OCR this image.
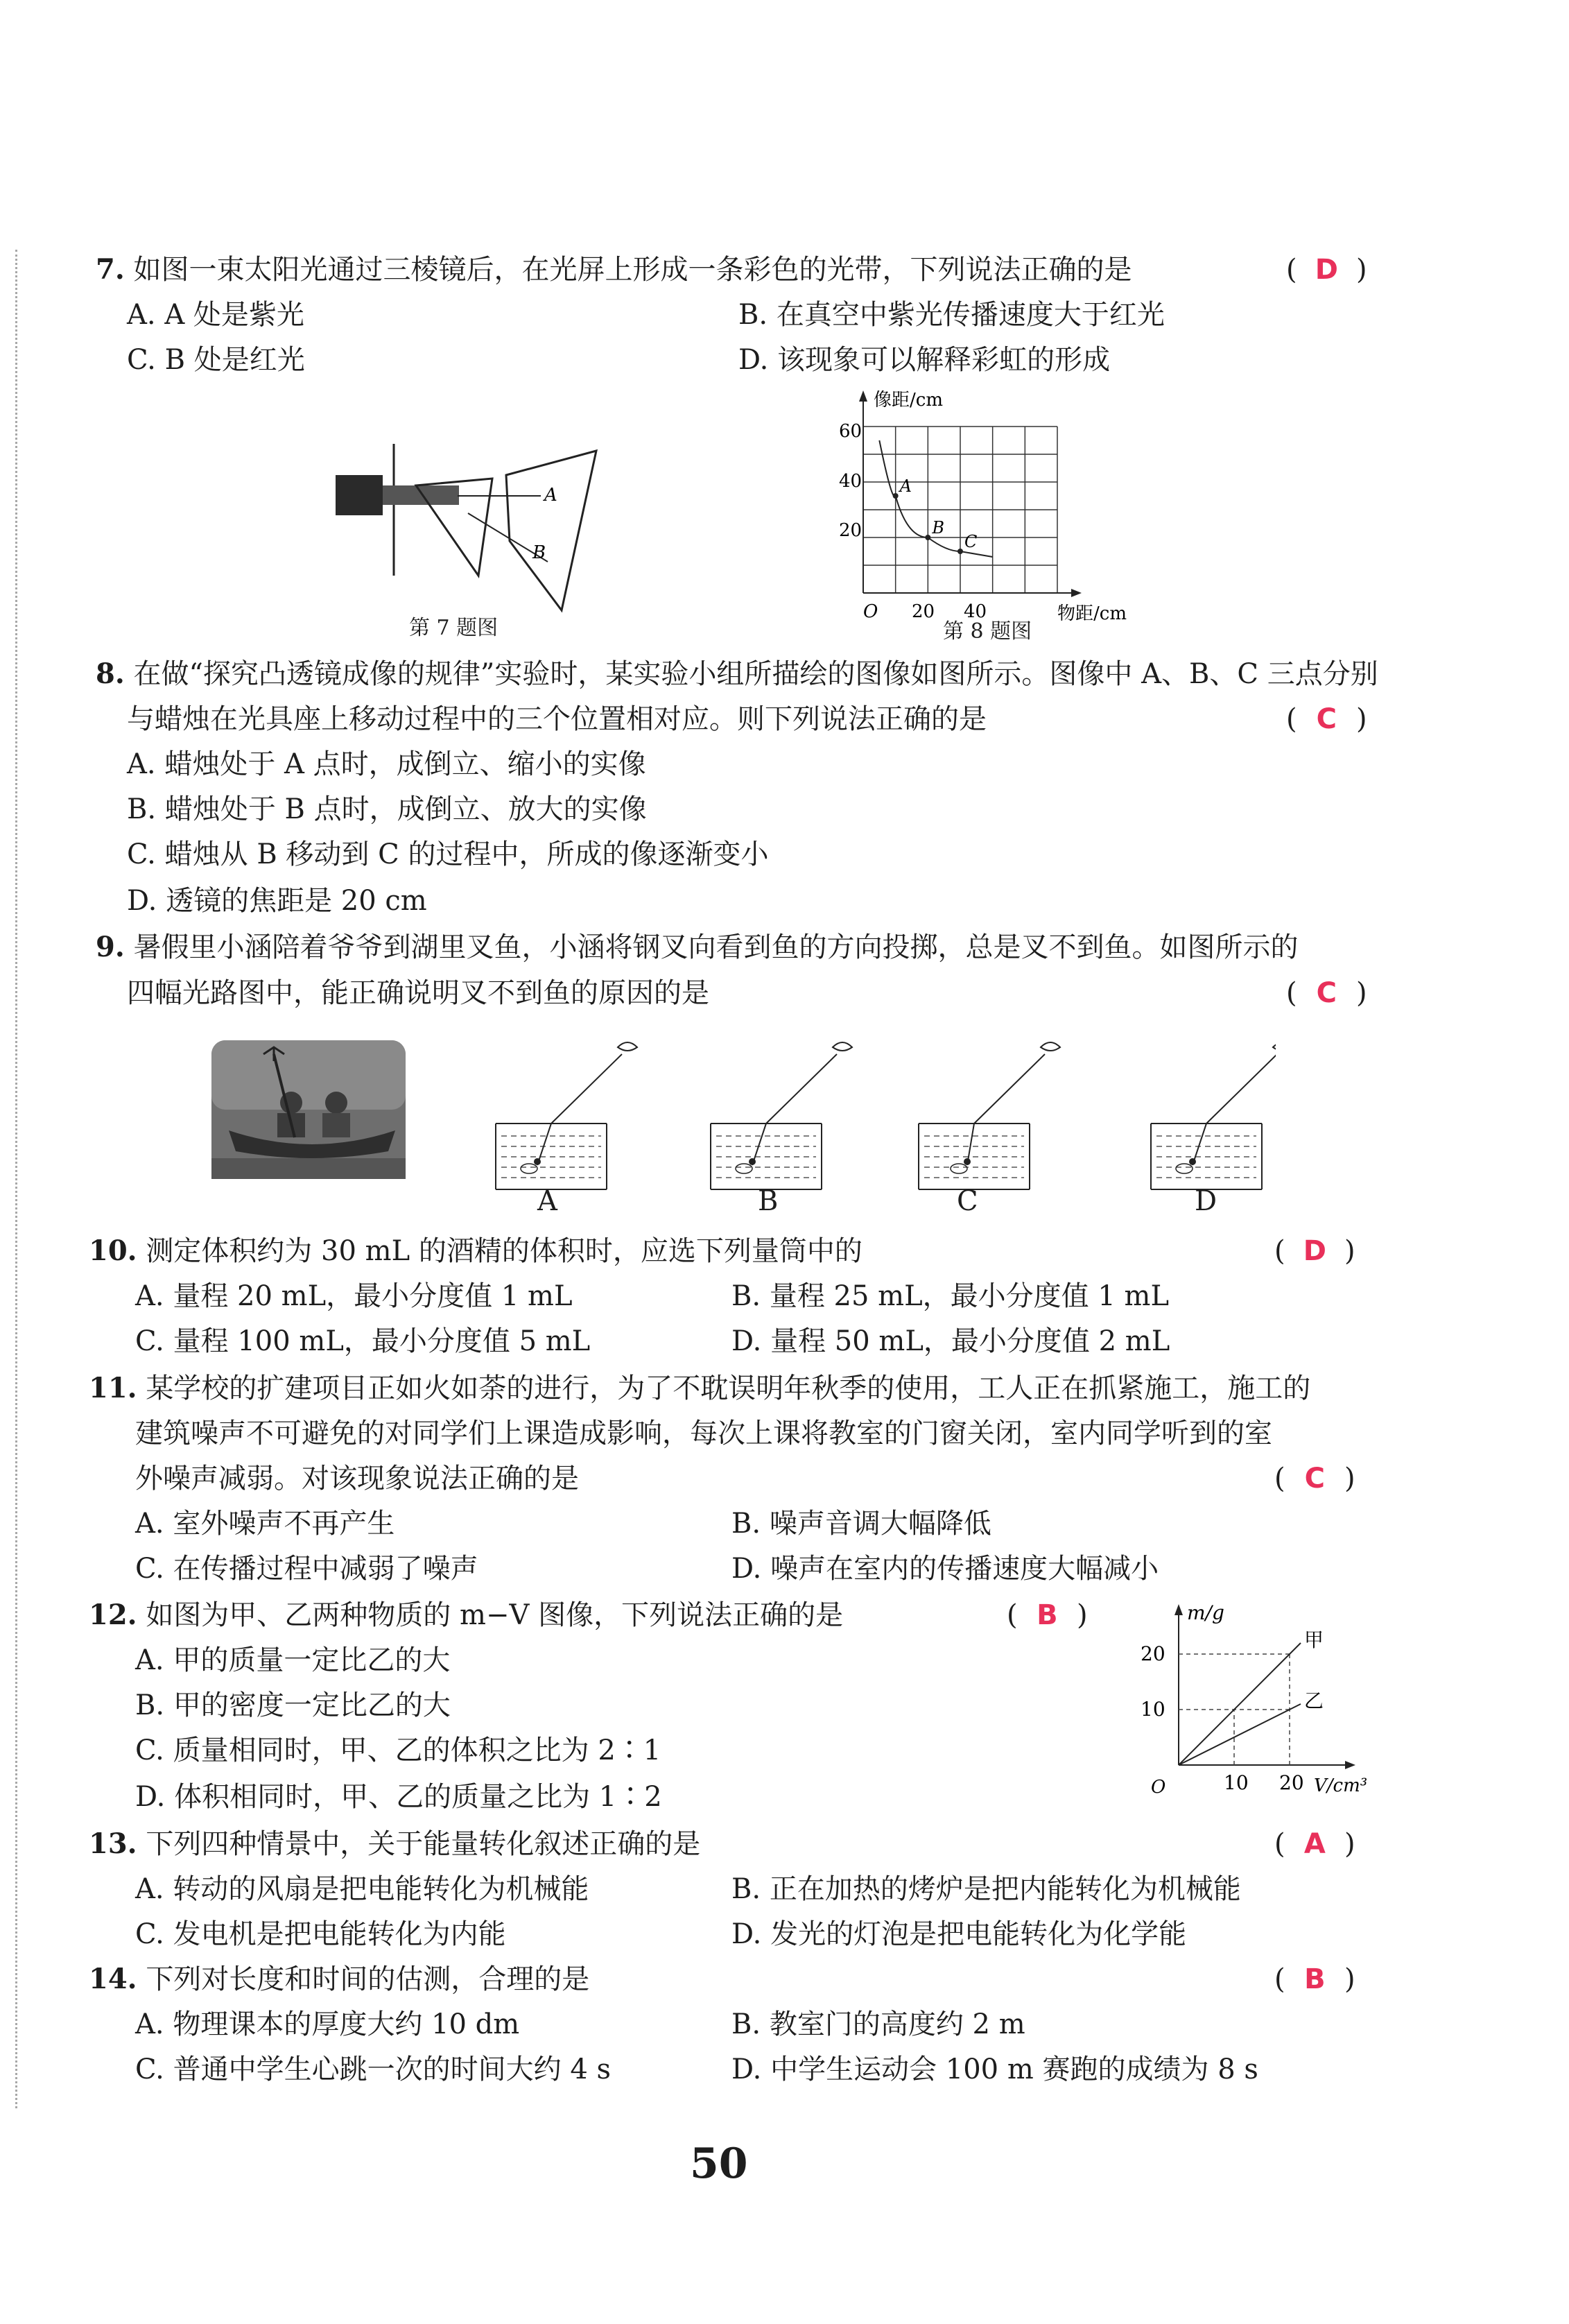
7. 如图一束太阳光通过三棱镜后，在光屏上形成一条彩色的光带，下列说法正确的是	( D )
A. A 处是紫光	B. 在真空中紫光传播速度大于红光
C. B 处是红光	D. 该现象可以解释彩虹的形成
A
B
第 7 题图
像距/cm
物距/cm
60
40
20
20 40
O
A
B
C
第 8 题图
8. 在做“探究凸透镜成像的规律”实验时，某实验小组所描绘的图像如图所示。图像中 A、B、C 三点分别
与蜡烛在光具座上移动过程中的三个位置相对应。则下列说法正确的是	( C )
A. 蜡烛处于 A 点时，成倒立、缩小的实像
B. 蜡烛处于 B 点时，成倒立、放大的实像
C. 蜡烛从 B 移动到 C 的过程中，所成的像逐渐变小
D. 透镜的焦距是 20 cm
9. 暑假里小涵陪着爷爷到湖里叉鱼，小涵将钢叉向看到鱼的方向投掷，总是叉不到鱼。如图所示的
四幅光路图中，能正确说明叉不到鱼的原因的是	( C )
A	B	C	D
10. 测定体积约为 30 mL 的酒精的体积时，应选下列量筒中的	( D )
A. 量程 20 mL，最小分度值 1 mL	B. 量程 25 mL，最小分度值 1 mL
C. 量程 100 mL，最小分度值 5 mL	D. 量程 50 mL，最小分度值 2 mL
11. 某学校的扩建项目正如火如荼的进行，为了不耽误明年秋季的使用，工人正在抓紧施工，施工的
建筑噪声不可避免的对同学们上课造成影响，每次上课将教室的门窗关闭，室内同学听到的室
外噪声减弱。对该现象说法正确的是	( C )
A. 室外噪声不再产生	B. 噪声音调大幅降低
C. 在传播过程中减弱了噪声	D. 噪声在室内的传播速度大幅减小
12. 如图为甲、乙两种物质的 m−V 图像，下列说法正确的是	( B )
A. 甲的质量一定比乙的大
B. 甲的密度一定比乙的大
C. 质量相同时，甲、乙的体积之比为 2∶1
D. 体积相同时，甲、乙的质量之比为 1∶2
m/g
V/cm³
O
20
10
10 20
甲
乙
13. 下列四种情景中，关于能量转化叙述正确的是	( A )
A. 转动的风扇是把电能转化为机械能	B. 正在加热的烤炉是把内能转化为机械能
C. 发电机是把电能转化为内能	D. 发光的灯泡是把电能转化为化学能
14. 下列对长度和时间的估测，合理的是	( B )
A. 物理课本的厚度大约 10 dm	B. 教室门的高度约 2 m
C. 普通中学生心跳一次的时间大约 4 s	D. 中学生运动会 100 m 赛跑的成绩为 8 s
50
